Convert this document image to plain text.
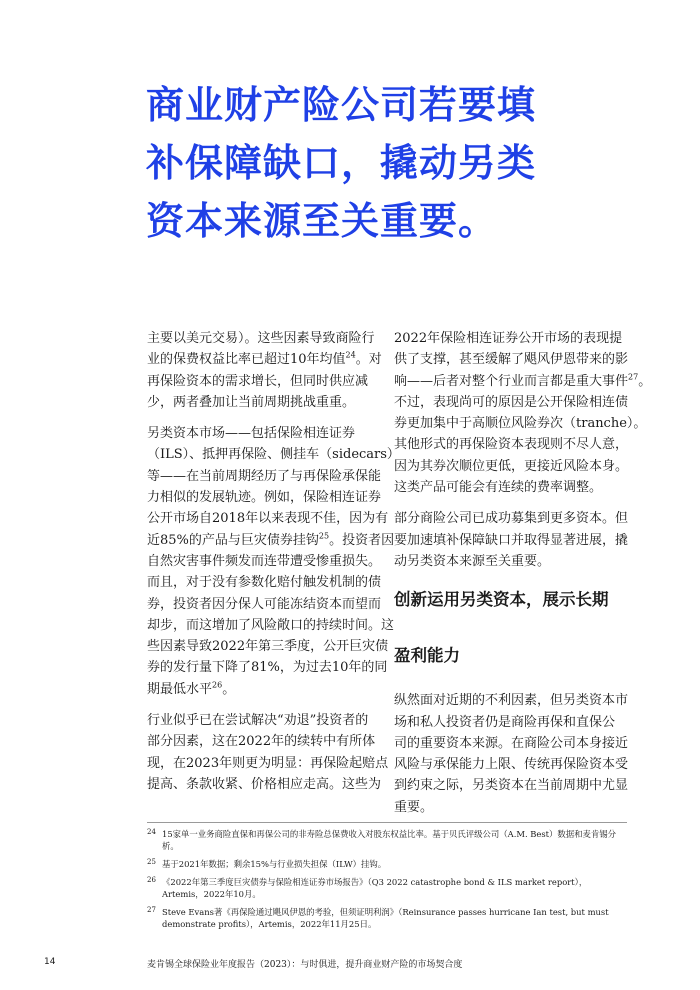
商业财产险公司若要填
补保障缺口，撬动另类
资本来源至关重要。

主要以美元交易）。这些因素导致商险行
业的保费权益比率已超过10年均值$^{24}$。对
再保险资本的需求增长，但同时供应减
少，两者叠加让当前周期挑战重重。

另类资本市场——包括保险相连证券
（ILS）、抵押再保险、侧挂车（sidecars）
等——在当前周期经历了与再保险承保能
力相似的发展轨迹。例如，保险相连证券
公开市场自2018年以来表现不佳，因为有
近85%的产品与巨灾债券挂钩$^{25}$。投资者因
自然灾害事件频发而连带遭受惨重损失。
而且，对于没有参数化赔付触发机制的债
券，投资者因分保人可能冻结资本而望而
却步，而这增加了风险敞口的持续时间。这
些因素导致2022年第三季度，公开巨灾债
券的发行量下降了81%，为过去10年的同
期最低水平$^{26}$。

行业似乎已在尝试解决“劝退”投资者的
部分因素，这在2022年的续转中有所体
现，在2023年则更为明显：再保险起赔点
提高、条款收紧、价格相应走高。这些为

2022年保险相连证券公开市场的表现提
供了支撑，甚至缓解了飓风伊恩带来的影
响——后者对整个行业而言都是重大事件$^{27}$。
不过，表现尚可的原因是公开保险相连债
券更加集中于高顺位风险券次（tranche）。
其他形式的再保险资本表现则不尽人意，
因为其券次顺位更低，更接近风险本身。
这类产品可能会有连续的费率调整。

部分商险公司已成功募集到更多资本。但
要加速填补保障缺口并取得显著进展，撬
动另类资本来源至关重要。

创新运用另类资本，展示长期

盈利能力

纵然面对近期的不利因素，但另类资本市
场和私人投资者仍是商险再保和直保公
司的重要资本来源。在商险公司本身接近
风险与承保能力上限、传统再保险资本受
到约束之际，另类资本在当前周期中尤显
重要。

24 15家单一业务商险直保和再保公司的非寿险总保费收入对股东权益比率。基于贝氏评级公司（A.M. Best）数据和麦肯锡分
析。
25 基于2021年数据；剩余15%与行业损失担保（ILW）挂钩。
26 《2022年第三季度巨灾债券与保险相连证券市场报告》（Q3 2022 catastrophe bond & ILS market report），
Artemis，2022年10月。
27 Steve Evans著《再保险通过飓风伊恩的考验，但须证明利润》（Reinsurance passes hurricane Ian test, but must
demonstrate profits），Artemis，2022年11月25日。
14	麦肯锡全球保险业年度报告（2023）：与时俱进，提升商业财产险的市场契合度
